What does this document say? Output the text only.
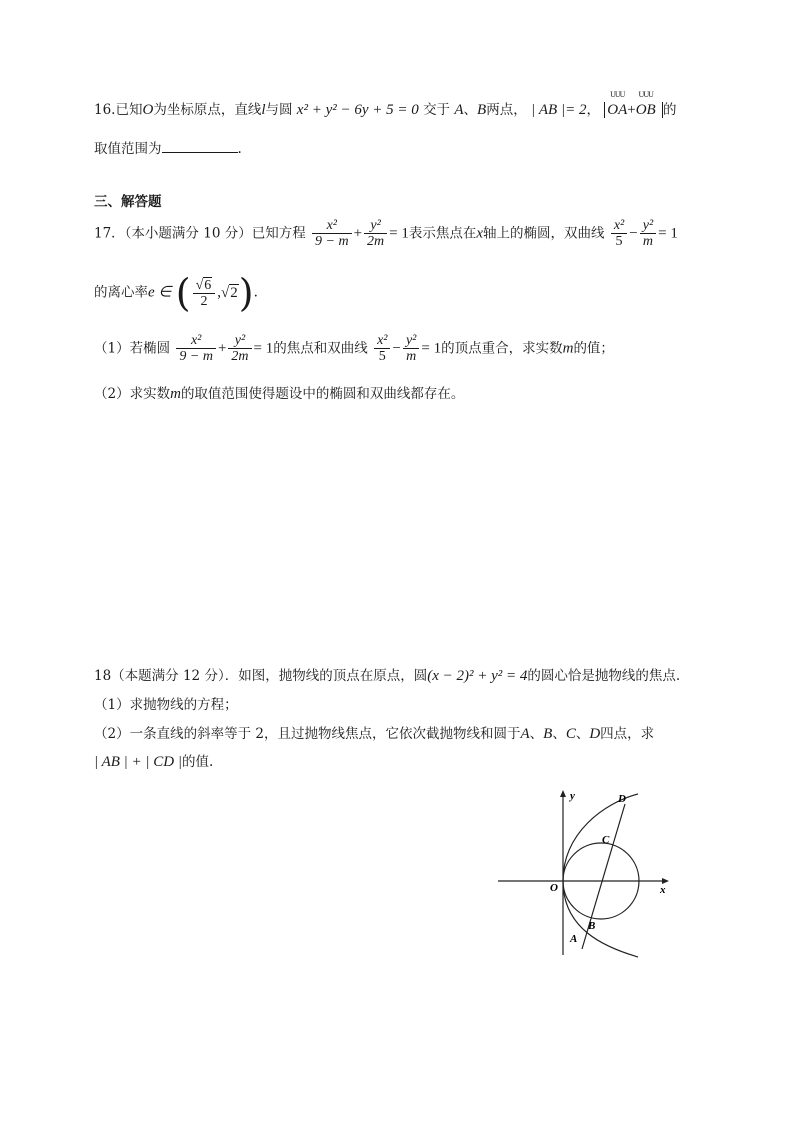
16.已知O为坐标原点，直线l与圆 x² + y² − 6y + 5 = 0 交于 A、B两点， | AB |= 2，
UUU
OA+
UUU
OB 的
取值范围为	.
三、解答题
17．（本小题满分 10 分）已知方程 $\frac{\text{x²}}{9 - m} + \frac{\text{y²}}{2m} = 1$表示焦点在x轴上的椭圆，双曲线 $\frac{\text{x²}}{5} - \frac{\text{y²}}{m} = 1$
的离心率e ∈ ( $\frac{√6}{2} ,√2$).
（1）若椭圆 $\frac{\text{x²}}{9 - m} + \frac{\text{y²}}{2m} = 1$的焦点和双曲线 $\frac{\text{x²}}{5} - \frac{\text{y²}}{m} = 1$的顶点重合，求实数m的值；
（2）求实数m的取值范围使得题设中的椭圆和双曲线都存在。
18（本题满分 12 分）．如图，抛物线的顶点在原点，圆(x − 2)² + y² = 4的圆心恰是抛物线的焦点.
（1）求抛物线的方程；
（2）一条直线的斜率等于 2，且过抛物线焦点，它依次截抛物线和圆于A、B、C、D四点，求
| AB | + | CD |的值.
x
y
O
A
B
C
D
